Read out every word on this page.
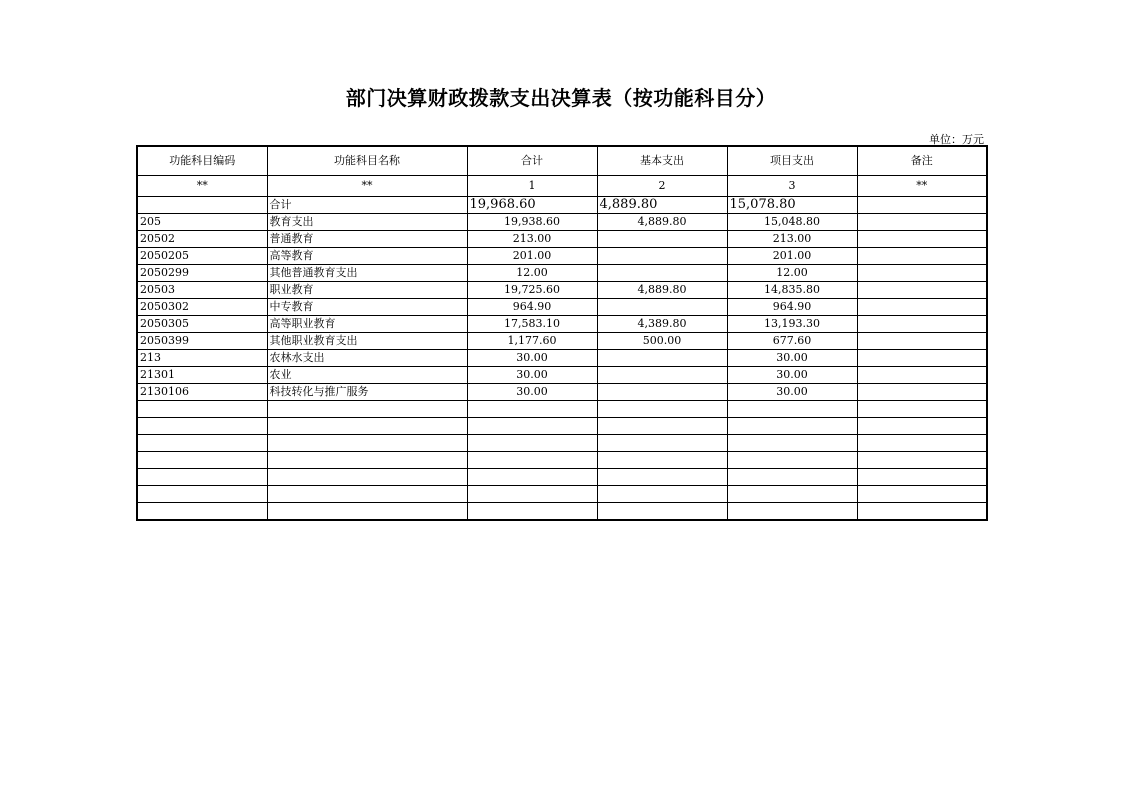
部门决算财政拨款支出决算表（按功能科目分）
单位：万元
功能科目编码	功能科目名称	合计	基本支出	项目支出	备注
**	**	1	2	3	**
	合计	19,968.60	4,889.80	15,078.80	
205	教育支出	19,938.60	4,889.80	15,048.80	
20502	普通教育	213.00		213.00	
2050205	高等教育	201.00		201.00	
2050299	其他普通教育支出	12.00		12.00	
20503	职业教育	19,725.60	4,889.80	14,835.80	
2050302	中专教育	964.90		964.90	
2050305	高等职业教育	17,583.10	4,389.80	13,193.30	
2050399	其他职业教育支出	1,177.60	500.00	677.60	
213	农林水支出	30.00		30.00	
21301	农业	30.00		30.00	
2130106	科技转化与推广服务	30.00		30.00	
